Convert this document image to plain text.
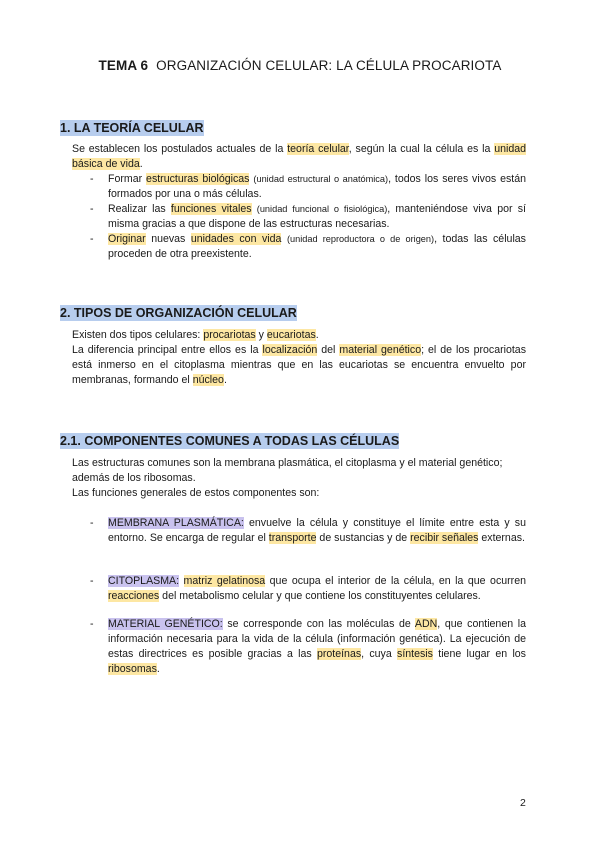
TEMA 6 ORGANIZACIÓN CELULAR: LA CÉLULA PROCARIOTA
1. LA TEORÍA CELULAR
Se establecen los postulados actuales de la teoría celular, según la cual la célula es la unidad básica de vida.
- Formar estructuras biológicas (unidad estructural o anatómica), todos los seres vivos están formados por una o más células.
- Realizar las funciones vitales (unidad funcional o fisiológica), manteniéndose viva por sí misma gracias a que dispone de las estructuras necesarias.
- Originar nuevas unidades con vida (unidad reproductora o de origen), todas las células proceden de otra preexistente.
2. TIPOS DE ORGANIZACIÓN CELULAR
Existen dos tipos celulares: procariotas y eucariotas.
La diferencia principal entre ellos es la localización del material genético; el de los procariotas está inmerso en el citoplasma mientras que en las eucariotas se encuentra envuelto por membranas, formando el núcleo.
2.1. COMPONENTES COMUNES A TODAS LAS CÉLULAS
Las estructuras comunes son la membrana plasmática, el citoplasma y el material genético; además de los ribosomas.
Las funciones generales de estos componentes son:
- MEMBRANA PLASMÁTICA: envuelve la célula y constituye el límite entre esta y su entorno. Se encarga de regular el transporte de sustancias y de recibir señales externas.
- CITOPLASMA: matriz gelatinosa que ocupa el interior de la célula, en la que ocurren reacciones del metabolismo celular y que contiene los constituyentes celulares.
- MATERIAL GENÉTICO: se corresponde con las moléculas de ADN, que contienen la información necesaria para la vida de la célula (información genética). La ejecución de estas directrices es posible gracias a las proteínas, cuya síntesis tiene lugar en los ribosomas.
2
